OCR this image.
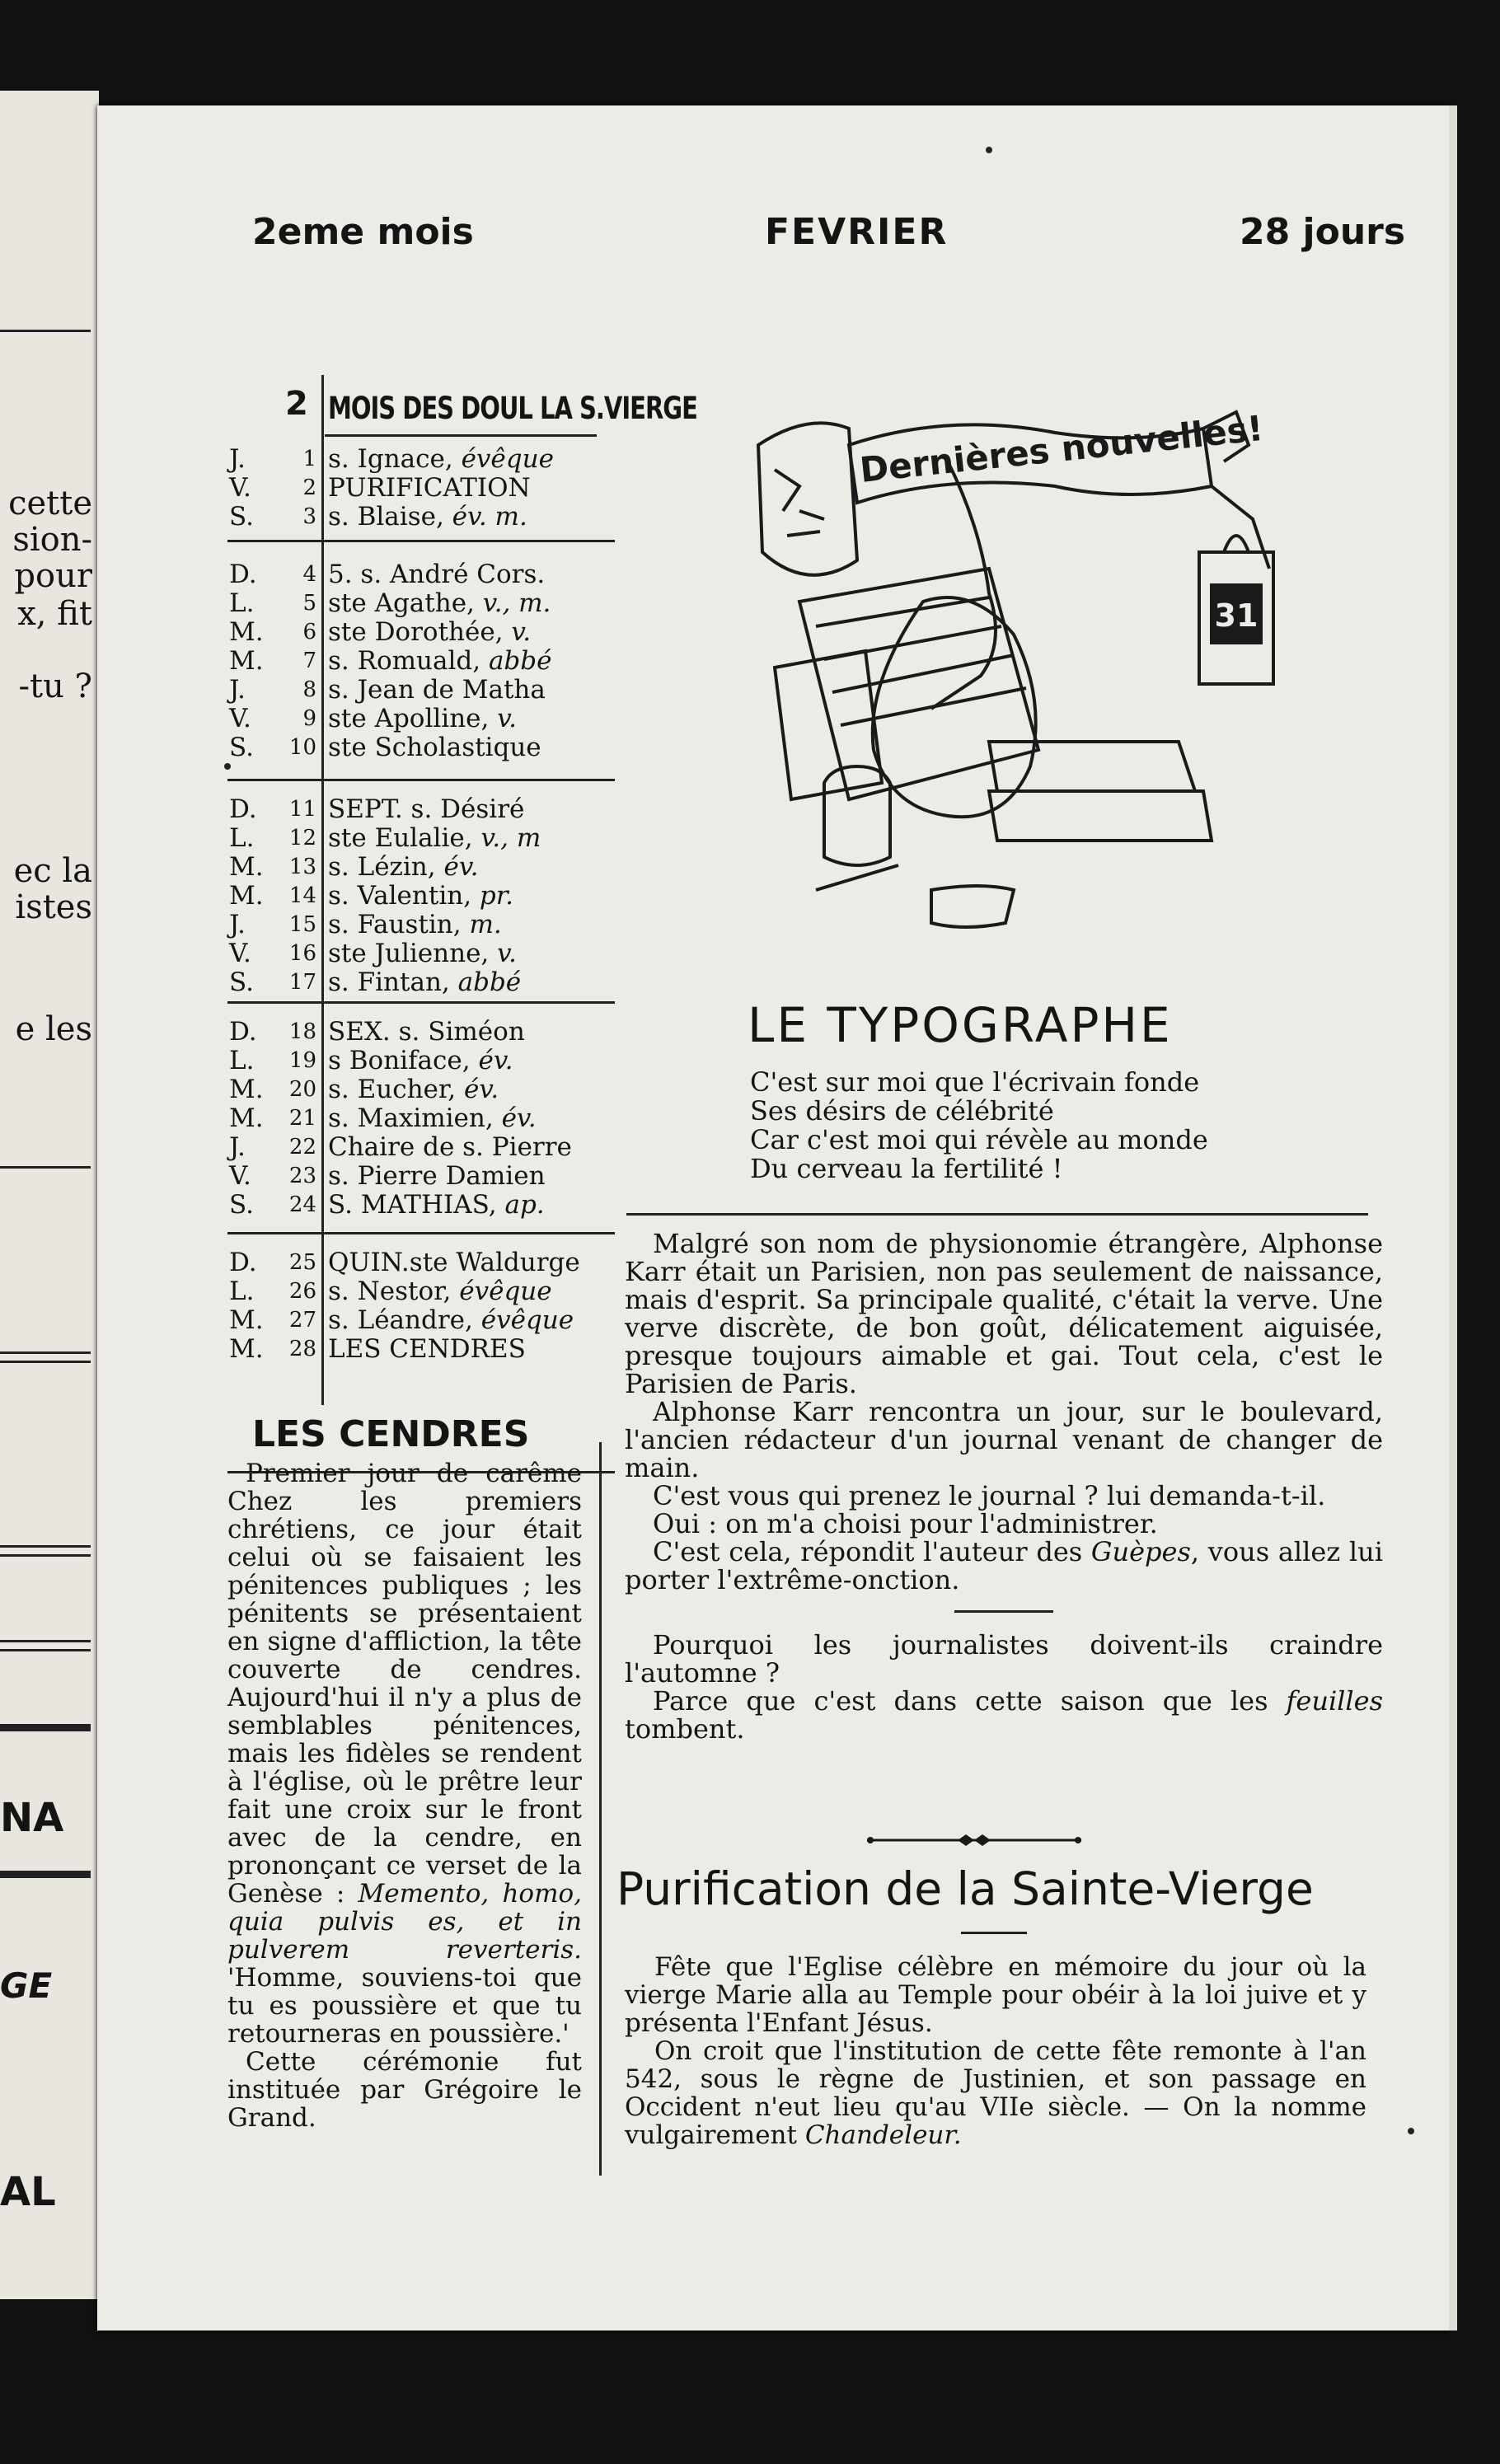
cette
sion-
pour
x, fit
-tu ?
ec la
istes
e les
NA
GE
AL
2eme mois	FEVRIER	28 jours
2 MOIS DES DOUL LA S.VIERGE
J.	1 s. Ignace, évêque
V.	2 PURIFICATION
S.	3 s. Blaise, év. m.
D.	4 5. s. André Cors.
L.	5 ste Agathe, v., m.
M.	6 ste Dorothée, v.
M.	7 s. Romuald, abbé
J.	8 s. Jean de Matha
V.	9 ste Apolline, v.
S.	10 ste Scholastique
D.	11 SEPT. s. Désiré
L.	12 ste Eulalie, v., m
M.	13 s. Lézin, év.
M.	14 s. Valentin, pr.
J.	15 s. Faustin, m.
V.	16 ste Julienne, v.
S.	17 s. Fintan, abbé
D.	18 SEX. s. Siméon
L.	19 s Boniface, év.
M.	20 s. Eucher, év.
M.	21 s. Maximien, év.
J.	22 Chaire de s. Pierre
V.	23 s. Pierre Damien
S.	24 S. MATHIAS, ap.
D.	25 QUIN.ste Waldurge
L.	26 s. Nestor, évêque
M.	27 s. Léandre, évêque
M.	28 LES CENDRES
LES CENDRES

Premier jour de carême Chez les premiers chrétiens, ce jour était celui où se faisaient les pénitences publiques ; les pénitents se présentaient en signe d'affliction, la tête couverte de cendres. Aujourd'hui il n'y a plus de semblables pénitences, mais les fidèles se rendent à l'église, où le prêtre leur fait une croix sur le front avec de la cendre, en prononçant ce verset de la Genèse : Memento, homo, quia pulvis es, et in pulverem reverteris. 'Homme, souviens-toi que tu es poussière et que tu retourneras en poussière.'

Cette cérémonie fut instituée par Grégoire le Grand.

Dernières nouvelles!
31
LE TYPOGRAPHE
C'est sur moi que l'écrivain fonde
Ses désirs de célébrité
Car c'est moi qui révèle au monde
Du cerveau la fertilité !

Malgré son nom de physionomie étrangère, Alphonse Karr était un Parisien, non pas seulement de naissance, mais d'esprit. Sa principale qualité, c'était la verve. Une verve discrète, de bon goût, délicatement aiguisée, presque toujours aimable et gai. Tout cela, c'est le Parisien de Paris.

Alphonse Karr rencontra un jour, sur le boulevard, l'ancien rédacteur d'un journal venant de changer de main.

C'est vous qui prenez le journal ? lui demanda-t-il.

Oui : on m'a choisi pour l'administrer.

C'est cela, répondit l'auteur des Guèpes, vous allez lui porter l'extrême-onction.

Pourquoi les journalistes doivent-ils craindre l'automne ?

Parce que c'est dans cette saison que les feuilles tombent.

Purification de la Sainte-Vierge

Fête que l'Eglise célèbre en mémoire du jour où la vierge Marie alla au Temple pour obéir à la loi juive et y présenta l'Enfant Jésus.

On croit que l'institution de cette fête remonte à l'an 542, sous le règne de Justinien, et son passage en Occident n'eut lieu qu'au VIIe siècle. — On la nomme vulgairement Chandeleur.
